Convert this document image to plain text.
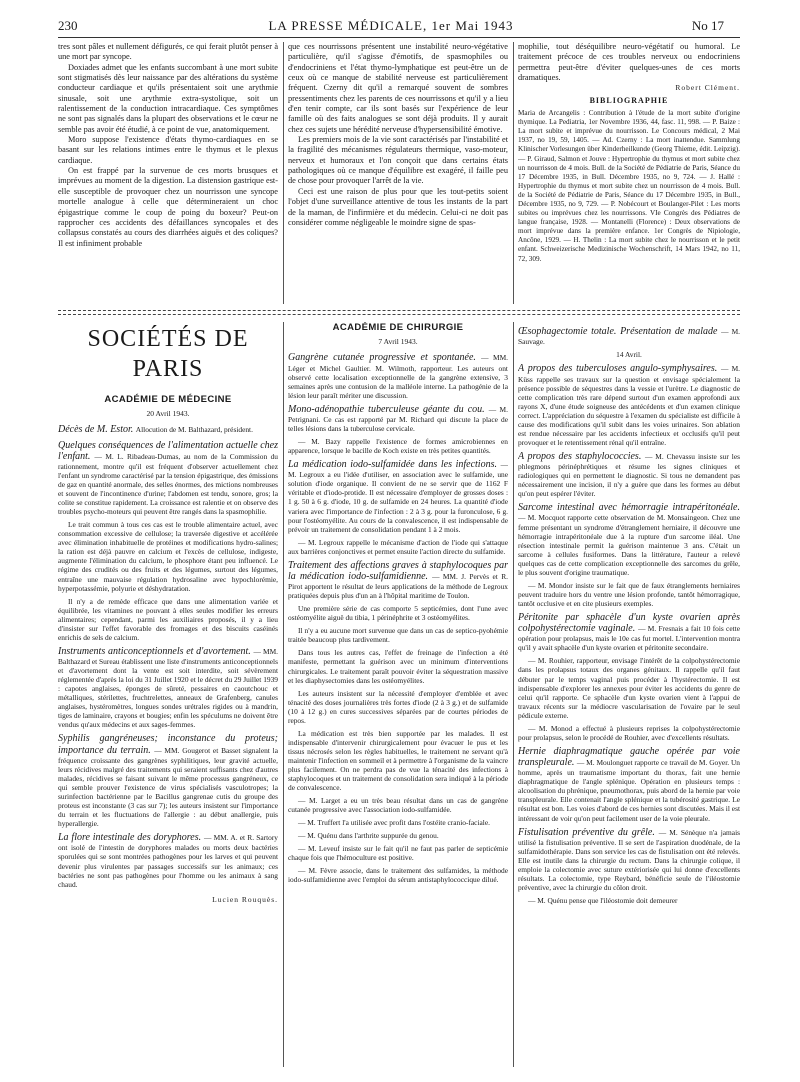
230	LA PRESSE MÉDICALE, 1er Mai 1943	No 17

tres sont pâles et nullement défigurés, ce qui ferait plutôt penser à une mort par syncope.

Doxiades admet que les enfants succombant à une mort subite sont stigmatisés dès leur naissance par des altérations du système conducteur cardiaque et qu'ils présentaient soit une arythmie sinusale, soit une arythmie extra-systolique, soit un ralentissement de la conduction intracardiaque. Ces symptômes ne sont pas signalés dans la plupart des observations et le cœur ne semble pas avoir été étudié, à ce point de vue, anatomiquement.

Moro suppose l'existence d'états thymo-cardiaques en se basant sur les relations intimes entre le thymus et le plexus cardiaque.

On est frappé par la survenue de ces morts brusques et imprévues au moment de la digestion. La distension gastrique est-elle susceptible de provoquer chez un nourrisson une syncope mortelle analogue à celle que détermineraient un choc épigastrique comme le coup de poing du boxeur? Peut-on rapprocher ces accidents des défaillances syncopales et des collapsus constatés au cours des diarrhées aiguës et des coliques? Il est infiniment probable

que ces nourrissons présentent une instabilité neuro-végétative particulière, qu'il s'agisse d'émotifs, de spasmophiles ou d'endocriniens et l'état thymo-lymphatique est peut-être un de ceux où ce manque de stabilité nerveuse est particulièrement fréquent. Czerny dit qu'il a remarqué souvent de sombres pressentiments chez les parents de ces nourrissons et qu'il y a lieu d'en tenir compte, car ils sont basés sur l'expérience de leur famille où des faits analogues se sont déjà produits. Il y aurait chez ces sujets une hérédité nerveuse d'hypersensibilité émotive.

Les premiers mois de la vie sont caractérisés par l'instabilité et la fragilité des mécanismes régulateurs thermique, vaso-moteur, nerveux et humoraux et l'on conçoit que dans certains états pathologiques où ce manque d'équilibre est exagéré, il faille peu de chose pour provoquer l'arrêt de la vie.

Ceci est une raison de plus pour que les tout-petits soient l'objet d'une surveillance attentive de tous les instants de la part de la maman, de l'infirmière et du médecin. Celui-ci ne doit pas considérer comme négligeable le moindre signe de spas-

mophilie, tout déséquilibre neuro-végétatif ou humoral. Le traitement précoce de ces troubles nerveux ou endocriniens permettra peut-être d'éviter quelques-unes de ces morts dramatiques.

Robert Clément.
BIBLIOGRAPHIE

Maria de Arcangelis : Contribution à l'étude de la mort subite d'origine thymique. La Pediatria, 1er Novembre 1936, 44, fasc. 11, 998. — P. Baize : La mort subite et imprévue du nourrisson. Le Concours médical, 2 Mai 1937, no 19, 59, 1405. — Ad. Czerny : La mort inattendue. Sammlung Klinischer Vorlesungen über Kinderheilkunde (Georg Thieme, édit. Leipzig). — P. Giraud, Salmon et Jouve : Hypertrophie du thymus et mort subite chez un nourrisson de 4 mois. Bull. de la Société de Pédiatrie de Paris, Séance du 17 Décembre 1935, in Bull. Décembre 1935, no 9, 724. — J. Hallé : Hypertrophie du thymus et mort subite chez un nourrisson de 4 mois. Bull. de la Société de Pédiatrie de Paris, Séance du 17 Décembre 1935, in Bull., Décembre 1935, no 9, 729. — P. Nobécourt et Boulanger-Pilet : Les morts subites ou imprévues chez les nourrissons. VIe Congrès des Pédiatres de langue française, 1928. — Montanelli (Florence) : Deux observations de mort imprévue dans la première enfance. 1er Congrès de Nipiologie, Ancône, 1929. — H. Thelin : La mort subite chez le nourrisson et le petit enfant. Schweizerische Medizinische Wochenschrift, 14 Mars 1942, no 11, 72, 309.

SOCIÉTÉS DE PARIS
ACADÉMIE DE MÉDECINE
20 Avril 1943.
Décès de M. Estor. Allocution de M. Balthazard, président.
Quelques conséquences de l'alimentation actuelle chez l'enfant. — M. L. Ribadeau-Dumas, au nom de la Commission du rationnement, montre qu'il est fréquent d'observer actuellement chez l'enfant un syndrome caractérisé par la tension épigastrique, des émissions de gaz en quantité anormale, des selles énormes, des mictions nombreuses et souvent de l'incontinence d'urine; l'abdomen est tendu, sonore, gros; la colite se constitue rapidement. La croissance est ralentie et on observe des troubles psycho-moteurs qui peuvent être rangés dans la spasmophilie.
Le trait commun à tous ces cas est le trouble alimentaire actuel, avec consommation excessive de cellulose; la traversée digestive et accélérée avec élimination inhabituelle de protéines et modifications hydro-salines; la ration est déjà pauvre en calcium et l'excès de cellulose, indigeste, augmente l'élimination du calcium, le phosphore étant peu influencé. Le régime des crudités ou des fruits et des légumes, surtout des légumes, entraîne une mauvaise régulation hydrosaline avec hypochlorémie, hyperpotassémie, polyurie et déshydratation.
Il n'y a de remède efficace que dans une alimentation variée et équilibrée, les vitamines ne pouvant à elles seules modifier les erreurs alimentaires; cependant, parmi les auxiliaires proposés, il y a lieu d'insister sur l'effet favorable des fromages et des biscuits caséinés enrichis de sels de calcium.
Instruments anticonceptionnels et d'avortement. — MM. Balthazard et Sureau établissent une liste d'instruments anticonceptionnels et d'avortement dont la vente est soit interdite, soit sévèrement réglementée d'après la loi du 31 Juillet 1920 et le décret du 29 Juillet 1939 : capotes anglaises, éponges de sûreté, pessaires en caoutchouc et métalliques, stérilettes, fruchtrelettes, anneaux de Grafenberg, canules anglaises, hystéromètres, longues sondes urétrales rigides ou à mandrin, tiges de laminaire, crayons et bougies; enfin les spéculums ne doivent être vendus qu'aux médecins et aux sages-femmes.
Syphilis gangréneuses; inconstance du proteus; importance du terrain. — MM. Gougerot et Basset signalent la fréquence croissante des gangrènes syphilitiques, leur gravité actuelle, leurs récidives malgré des traitements qui seraient suffisants chez d'autres malades, récidives se faisant suivant le même processus gangréneux, ce qui semble prouver l'existence de virus spécialisés vasculotropes; la surinfection bactérienne par le Bacillus gangrenae cutis du groupe des proteus est inconstante (3 cas sur 7); les auteurs insistent sur l'importance du terrain et les fluctuations de l'allergie : au début anallergie, puis hyperallergie.
La flore intestinale des doryphores. — MM. A. et R. Sartory ont isolé de l'intestin de doryphores malades ou morts deux bactéries sporulées qui se sont montrées pathogènes pour les larves et qui peuvent devenir plus virulentes par passages successifs sur les animaux; ces bactéries ne sont pas pathogènes pour l'homme ou les animaux à sang chaud.
Lucien Rouquès.
ACADÉMIE DE CHIRURGIE
7 Avril 1943.
Gangrène cutanée progressive et spontanée. — MM. Léger et Michel Gaultier. M. Wilmoth, rapporteur. Les auteurs ont observé cette localisation exceptionnelle de la gangrène extensive, 3 semaines après une contusion de la malléole interne. La pathogénie de la lésion leur paraît mériter une discussion.
Mono-adénopathie tuberculeuse géante du cou. — M. Petrignani. Ce cas est rapporté par M. Richard qui discute la place de telles lésions dans la tuberculose cervicale.
— M. Bazy rappelle l'existence de formes amicrobiennes en apparence, lorsque le bacille de Koch existe en très petites quantités.
La médication iodo-sulfamidée dans les infections. — M. Legroux a eu l'idée d'utiliser, en association avec le sulfamide, une solution d'iode organique. Il convient de ne se servir que de 1162 F véritable et d'iodo-protide. Il est nécessaire d'employer de grosses doses : 1 g. 50 à 6 g. d'iode, 10 g. de sulfamide en 24 heures. La quantité d'iode variera avec l'importance de l'infection : 2 à 3 g. pour la furonculose, 6 g. pour l'ostéomyélite. Au cours de la convalescence, il est indispensable de prévoir un traitement de consolidation pendant 1 à 2 mois.
— M. Legroux rappelle le mécanisme d'action de l'iode qui s'attaque aux barrières conjonctives et permet ensuite l'action directe du sulfamide.
Traitement des affections graves à staphylocoques par la médication iodo-sulfamidienne. — MM. J. Pervès et R. Pirot apportent le résultat de leurs applications de la méthode de Legroux pratiquées depuis plus d'un an à l'hôpital maritime de Toulon.
Une première série de cas comporte 5 septicémies, dont l'une avec ostéomyélite aiguë du tibia, 1 périnéphrite et 3 ostéomyélites.
Il n'y a eu aucune mort survenue que dans un cas de septico-pyohémie traitée beaucoup plus tardivement.
Dans tous les autres cas, l'effet de freinage de l'infection a été manifeste, permettant la guérison avec un minimum d'interventions chirurgicales. Le traitement paraît pouvoir éviter la séquestration massive et les diaphysectomies dans les ostéomyélites.
Les auteurs insistent sur la nécessité d'employer d'emblée et avec ténacité des doses journalières très fortes d'iode (2 à 3 g.) et de sulfamide (10 à 12 g.) en cures successives séparées par de courtes périodes de repos.
La médication est très bien supportée par les malades. Il est indispensable d'intervenir chirurgicalement pour évacuer le pus et les tissus nécrosés selon les règles habituelles, le traitement ne servant qu'à maintenir l'infection en sommeil et à permettre à l'organisme de la vaincre plus facilement. On ne perdra pas de vue la ténacité des infections à staphylocoques et un traitement de consolidation sera indiqué à la période de convalescence.
— M. Larget a eu un très beau résultat dans un cas de gangrène cutanée progressive avec l'association iodo-sulfamidée.
— M. Truffert l'a utilisée avec profit dans l'ostéite cranio-faciale.
— M. Quénu dans l'arthrite suppurée du genou.
— M. Leveuf insiste sur le fait qu'il ne faut pas parler de septicémie chaque fois que l'hémoculture est positive.
— M. Fèvre associe, dans le traitement des sulfamides, la méthode iodo-sulfamidienne avec l'emploi du sérum antistaphylococcique dilué.
Œsophagectomie totale. Présentation de malade — M. Sauvage.
14 Avril.
A propos des tuberculoses angulo-symphysaires. — M. Küss rappelle ses travaux sur la question et envisage spécialement la présence possible de séquestres dans la vessie et l'urètre. Le diagnostic de cette complication très rare dépend surtout d'un examen approfondi aux rayons X, d'une étude soigneuse des antécédents et d'un examen clinique correct. L'appréciation du séquestre à l'examen du spécialiste est difficile à cause des modifications qu'il subit dans les voies urinaires. Son ablation est rendue nécessaire par les accidents infectieux et occlusifs qu'il peut provoquer et le retentissement rénal qu'il entraîne.
A propos des staphylococcies. — M. Chevassu insiste sur les phlegmons périnéphrétiques et résume les signes cliniques et radiologiques qui en permettent le diagnostic. Si tous ne demandent pas nécessairement une incision, il n'y a guère que dans les formes au début qu'on peut espérer l'éviter.
Sarcome intestinal avec hémorragie intrapéritonéale. — M. Mocquot rapporte cette observation de M. Monsaingeon. Chez une femme présentant un syndrome d'étranglement herniaire, il découvre une hémorragie intrapéritonéale due à la rupture d'un sarcome iléal. Une résection intestinale permit la guérison maintenue 3 ans. C'était un sarcome à cellules fusiformes. Dans la littérature, l'auteur a relevé quelques cas de cette complication exceptionnelle des sarcomes du grêle, le plus souvent d'origine traumatique.
— M. Mondor insiste sur le fait que de faux étranglements herniaires peuvent traduire hors du ventre une lésion profonde, tantôt hémorragique, tantôt occlusive et en cite plusieurs exemples.
Péritonite par sphacèle d'un kyste ovarien après colpohystérectomie vaginale. — M. Fresnais a fait 10 fois cette opération pour prolapsus, mais le 10e cas fut mortel. L'intervention montra qu'il y avait sphacèle d'un kyste ovarien et péritonite secondaire.
— M. Rouhier, rapporteur, envisage l'intérêt de la colpohystérectomie dans les prolapsus totaux des organes génitaux. Il rappelle qu'il faut débuter par le temps vaginal puis procéder à l'hystérectomie. Il est indispensable d'explorer les annexes pour éviter les accidents du genre de celui qu'il rapporte. Ce sphacèle d'un kyste ovarien vient à l'appui de travaux récents sur la médiocre vascularisation de l'ovaire par le seul pédicule externe.
— M. Monod a effectué à plusieurs reprises la colpohystérectomie pour prolapsus, selon le procédé de Rouhier, avec d'excellents résultats.
Hernie diaphragmatique gauche opérée par voie transpleurale. — M. Moulonguet rapporte ce travail de M. Goyer. Un homme, après un traumatisme important du thorax, fait une hernie diaphragmatique de l'angle splénique. Opération en plusieurs temps : alcoolisation du phrénique, pneumothorax, puis abord de la hernie par voie transpleurale. Elle contenait l'angle splénique et la tubérosité gastrique. Le résultat est bon. Les voies d'abord de ces hernies sont discutées. Mais il est intéressant de voir qu'on peut facilement user de la voie pleurale.
Fistulisation préventive du grêle. — M. Sénèque n'a jamais utilisé la fistulisation préventive. Il se sert de l'aspiration duodénale, de la sulfamidothérapie. Dans son service les cas de fistulisation ont été relevés. Elle est inutile dans la chirurgie du rectum. Dans la chirurgie colique, il emploie la colectomie avec suture extériorisée qui lui donne d'excellents résultats. La colectomie, type Reybard, bénéficie seule de l'iléostomie préventive, avec la chirurgie du côlon droit.
— M. Quénu pense que l'iléostomie doit demeurer
